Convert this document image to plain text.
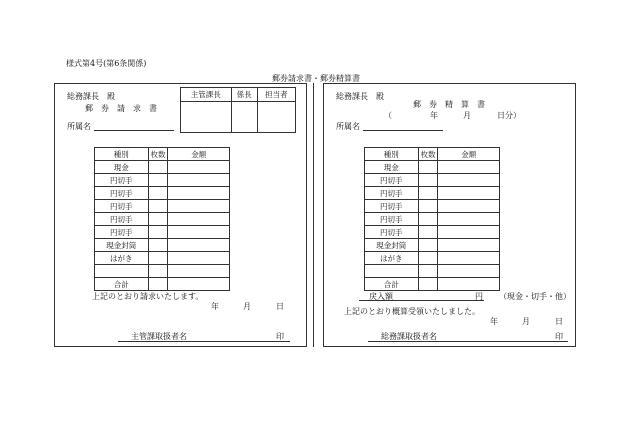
様式第4号(第6条関係)
郵券請求書・郵券精算書
総務課長　殿
郵　券　請　求　書
所属名
主管課長	係長	担当者

種別	枚数	金額
現金		
円切手		
円切手		
円切手		
円切手		
円切手		
現金封筒		
はがき		

合計		
上記のとおり請求いたします。
年	月	日
主管課取扱者名	印
総務課長　殿
郵　券　精　算　書
（	年	月	日分）
所属名
種別	枚数	金額
現金		
円切手		
円切手		
円切手		
円切手		
円切手		
現金封筒		
はがき		

合計		
戻入額	円 （現金・切手・他）
上記のとおり概算受領いたしました。
年	月	日
総務課取扱者名	印
